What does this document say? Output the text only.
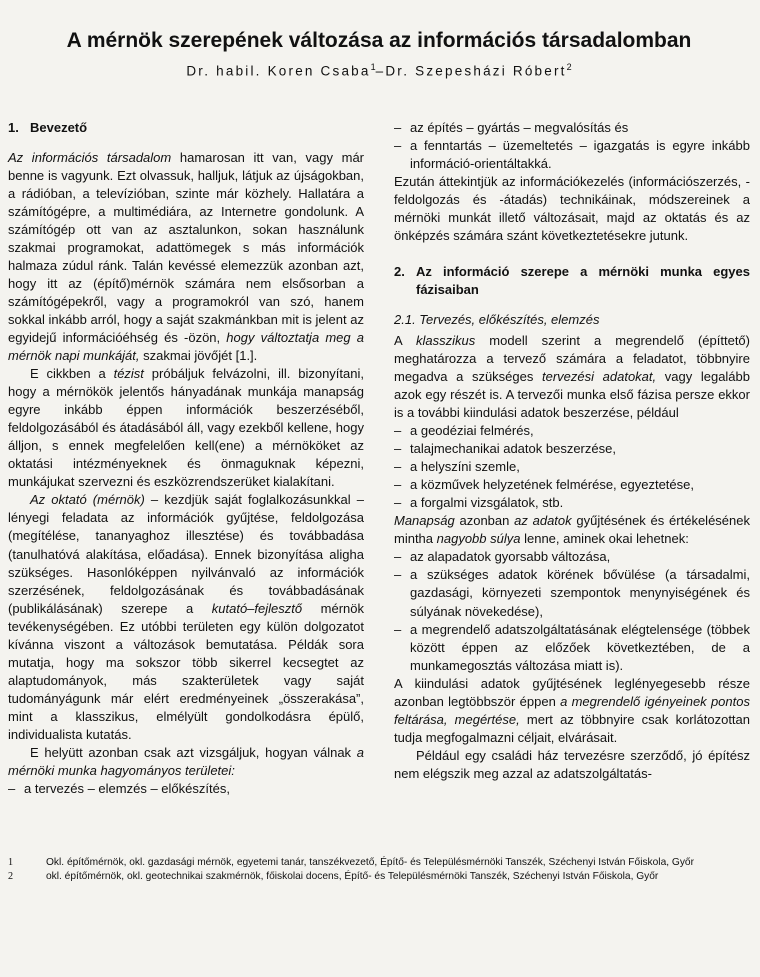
A mérnök szerepének változása az információs társadalomban
Dr. habil. Koren Csaba$^1$–Dr. Szepesházi Róbert$^2$
1. Bevezető

Az információs társadalom hamarosan itt van, vagy már benne is vagyunk. Ezt olvassuk, halljuk, látjuk az újságokban, a rádióban, a televízióban, szinte már közhely. Hallatára a számítógépre, a multimédiára, az Internetre gondolunk. A számítógép ott van az asztalunkon, sokan használunk szakmai programokat, adattömegek s más információk halmaza zúdul ránk. Talán kevéssé elemezzük azonban azt, hogy itt az (építő)mérnök számára nem elsősorban a számítógépekről, vagy a programokról van szó, hanem sokkal inkább arról, hogy a saját szakmánkban mit is jelent az egyidejű információéhség és -özön, hogy változtatja meg a mérnök napi munkáját, szakmai jövőjét [1.].

E cikkben a tézist próbáljuk felvázolni, ill. bizonyítani, hogy a mérnökök jelentős hányadának munkája manapság egyre inkább éppen információk beszerzéséből, feldolgozásából és átadásából áll, vagy ezekből kellene, hogy álljon, s ennek megfelelően kell(ene) a mérnököket az oktatási intézményeknek és önmaguknak képezni, munkájukat szervezni és eszközrendszerüket kialakítani.

Az oktató (mérnök) – kezdjük saját foglalkozásunkkal – lényegi feladata az információk gyűjtése, feldolgozása (megítélése, tananyaghoz illesztése) és továbbadása (tanulhatóvá alakítása, előadása). Ennek bizonyítása aligha szükséges. Hasonlóképpen nyilvánvaló az információk szerzésének, feldolgozásának és továbbadásának (publikálásának) szerepe a kutató–fejlesztő mérnök tevékenységében. Ez utóbbi területen egy külön dolgozatot kívánna viszont a változások bemutatása. Példák sora mutatja, hogy ma sokszor több sikerrel kecsegtet az alaptudományok, más szakterületek vagy saját tudományágunk már elért eredményeinek „összerakása”, mint a klasszikus, elmélyült gondolkodásra épülő, individualista kutatás.

E helyütt azonban csak azt vizsgáljuk, hogyan válnak a mérnöki munka hagyományos területei:

– a tervezés – elemzés – előkészítés,
– az építés – gyártás – megvalósítás és
– a fenntartás – üzemeltetés – igazgatás is egyre inkább információ-orientáltakká.

Ezután áttekintjük az információkezelés (információszerzés, -feldolgozás és -átadás) technikáinak, módszereinek a mérnöki munkát illető változásait, majd az oktatás és az önképzés számára szánt következtetésekre jutunk.

2. Az információ szerepe a mérnöki munka egyes fázisaiban
2.1. Tervezés, előkészítés, elemzés

A klasszikus modell szerint a megrendelő (építtető) meghatározza a tervező számára a feladatot, többnyire megadva a szükséges tervezési adatokat, vagy legalább azok egy részét is. A tervezői munka első fázisa persze ekkor is a további kiindulási adatok beszerzése, például

– a geodéziai felmérés,
– talajmechanikai adatok beszerzése,
– a helyszíni szemle,
– a közművek helyzetének felmérése, egyeztetése,
– a forgalmi vizsgálatok, stb.

Manapság azonban az adatok gyűjtésének és értékelésének mintha nagyobb súlya lenne, aminek okai lehetnek:

– az alapadatok gyorsabb változása,
– a szükséges adatok körének bővülése (a társadalmi, gazdasági, környezeti szempontok menynyiségének és súlyának növekedése),
– a megrendelő adatszolgáltatásának elégtelensége (többek között éppen az előzőek következtében, de a munkamegosztás változása miatt is).

A kiindulási adatok gyűjtésének leglényegesebb része azonban legtöbbször éppen a megrendelő igényeinek pontos feltárása, megértése, mert az többnyire csak korlátozottan tudja megfogalmazni céljait, elvárásait.

Például egy családi ház tervezésre szerződő, jó építész nem elégszik meg azzal az adatszolgáltatás-

1	Okl. építőmérnök, okl. gazdasági mérnök, egyetemi tanár, tanszékvezető, Építő- és Településmérnöki Tanszék, Széchenyi István Főiskola, Győr
2	okl. építőmérnök, okl. geotechnikai szakmérnök, főiskolai docens, Építő- és Településmérnöki Tanszék, Széchenyi István Főiskola, Győr
